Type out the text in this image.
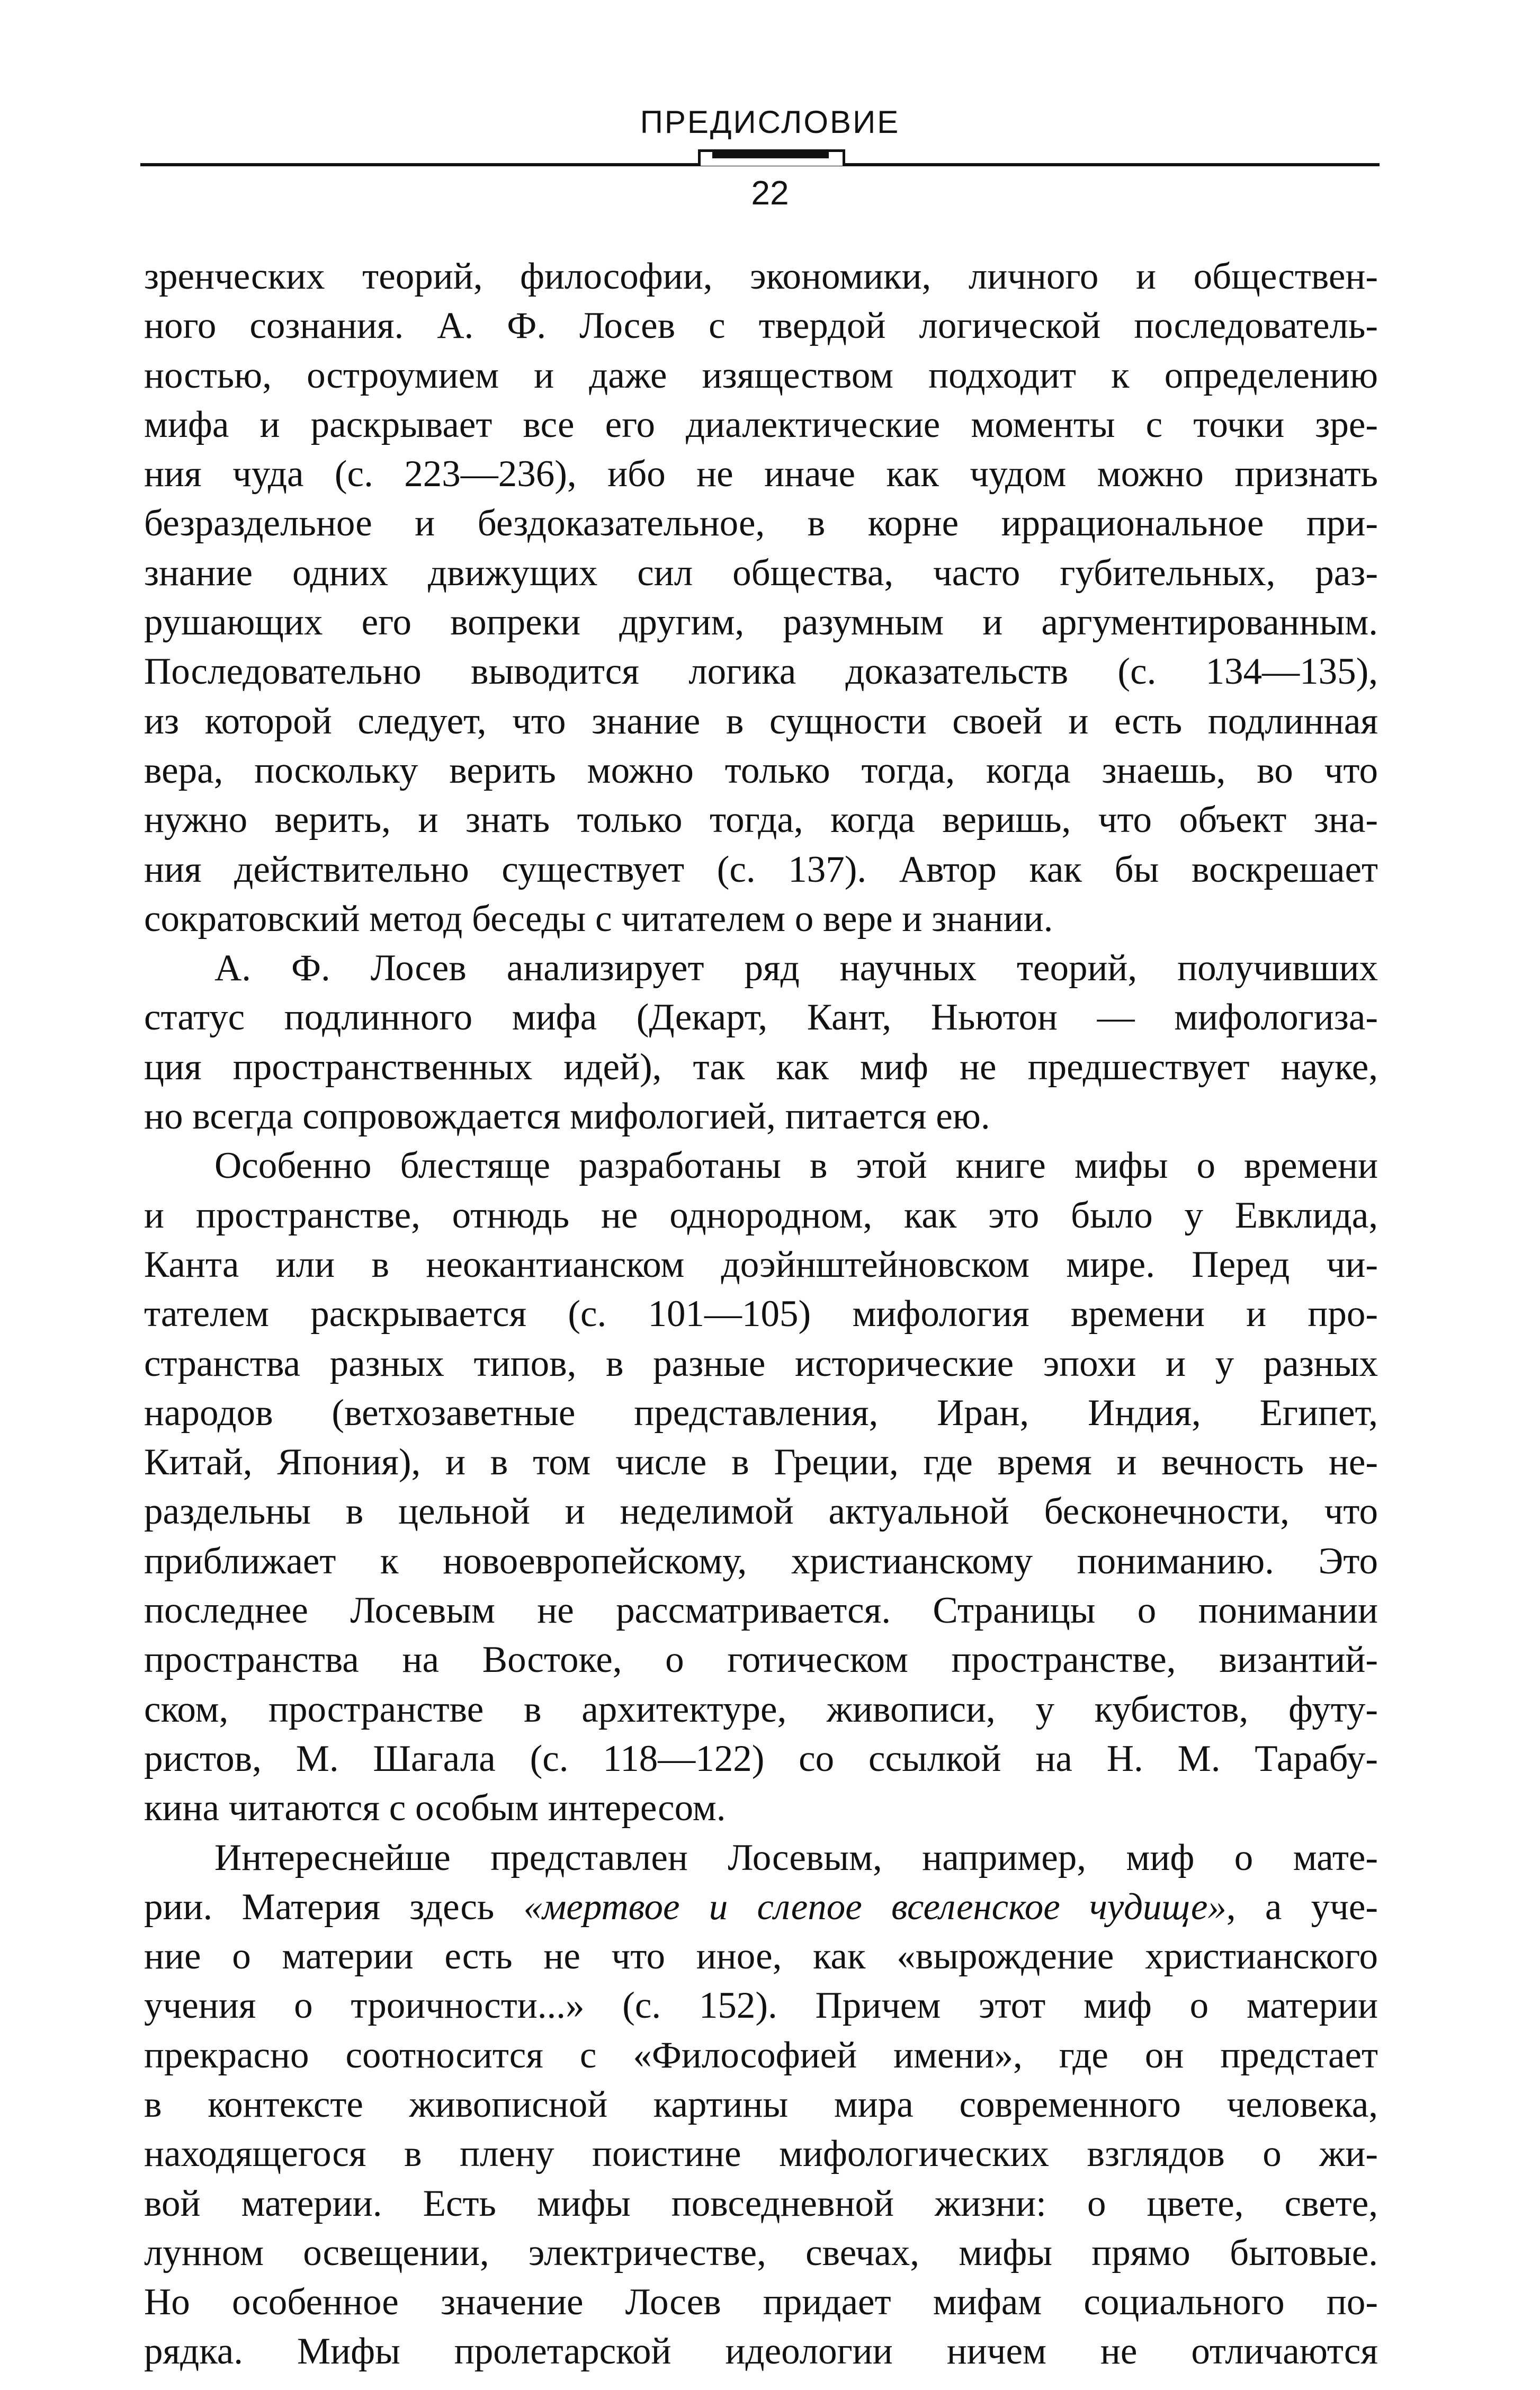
ПРЕДИСЛОВИЕ
22
зренческих теорий, философии, экономики, личного и обществен-
ного сознания. А. Ф. Лосев с твердой логической последователь-
ностью, остроумием и даже изяществом подходит к определению
мифа и раскрывает все его диалектические моменты с точки зре-
ния чуда (с. 223—236), ибо не иначе как чудом можно признать
безраздельное и бездоказательное, в корне иррациональное при-
знание одних движущих сил общества, часто губительных, раз-
рушающих его вопреки другим, разумным и аргументированным.
Последовательно выводится логика доказательств (с. 134—135),
из которой следует, что знание в сущности своей и есть подлинная
вера, поскольку верить можно только тогда, когда знаешь, во что
нужно верить, и знать только тогда, когда веришь, что объект зна-
ния действительно существует (с. 137). Автор как бы воскрешает
сократовский метод беседы с читателем о вере и знании.
А. Ф. Лосев анализирует ряд научных теорий, получивших
статус подлинного мифа (Декарт, Кант, Ньютон — мифологиза-
ция пространственных идей), так как миф не предшествует науке,
но всегда сопровождается мифологией, питается ею.
Особенно блестяще разработаны в этой книге мифы о времени
и пространстве, отнюдь не однородном, как это было у Евклида,
Канта или в неокантианском доэйнштейновском мире. Перед чи-
тателем раскрывается (с. 101—105) мифология времени и про-
странства разных типов, в разные исторические эпохи и у разных
народов (ветхозаветные представления, Иран, Индия, Египет,
Китай, Япония), и в том числе в Греции, где время и вечность не-
раздельны в цельной и неделимой актуальной бесконечности, что
приближает к новоевропейскому, христианскому пониманию. Это
последнее Лосевым не рассматривается. Страницы о понимании
пространства на Востоке, о готическом пространстве, византий-
ском, пространстве в архитектуре, живописи, у кубистов, футу-
ристов, М. Шагала (с. 118—122) со ссылкой на Н. М. Тарабу-
кина читаются с особым интересом.
Интереснейше представлен Лосевым, например, миф о мате-
рии. Материя здесь «мертвое и слепое вселенское чудище», а уче-
ние о материи есть не что иное, как «вырождение христианского
учения о троичности...» (с. 152). Причем этот миф о материи
прекрасно соотносится с «Философией имени», где он предстает
в контексте живописной картины мира современного человека,
находящегося в плену поистине мифологических взглядов о жи-
вой материи. Есть мифы повседневной жизни: о цвете, свете,
лунном освещении, электричестве, свечах, мифы прямо бытовые.
Но особенное значение Лосев придает мифам социального по-
рядка. Мифы пролетарской идеологии ничем не отличаются
